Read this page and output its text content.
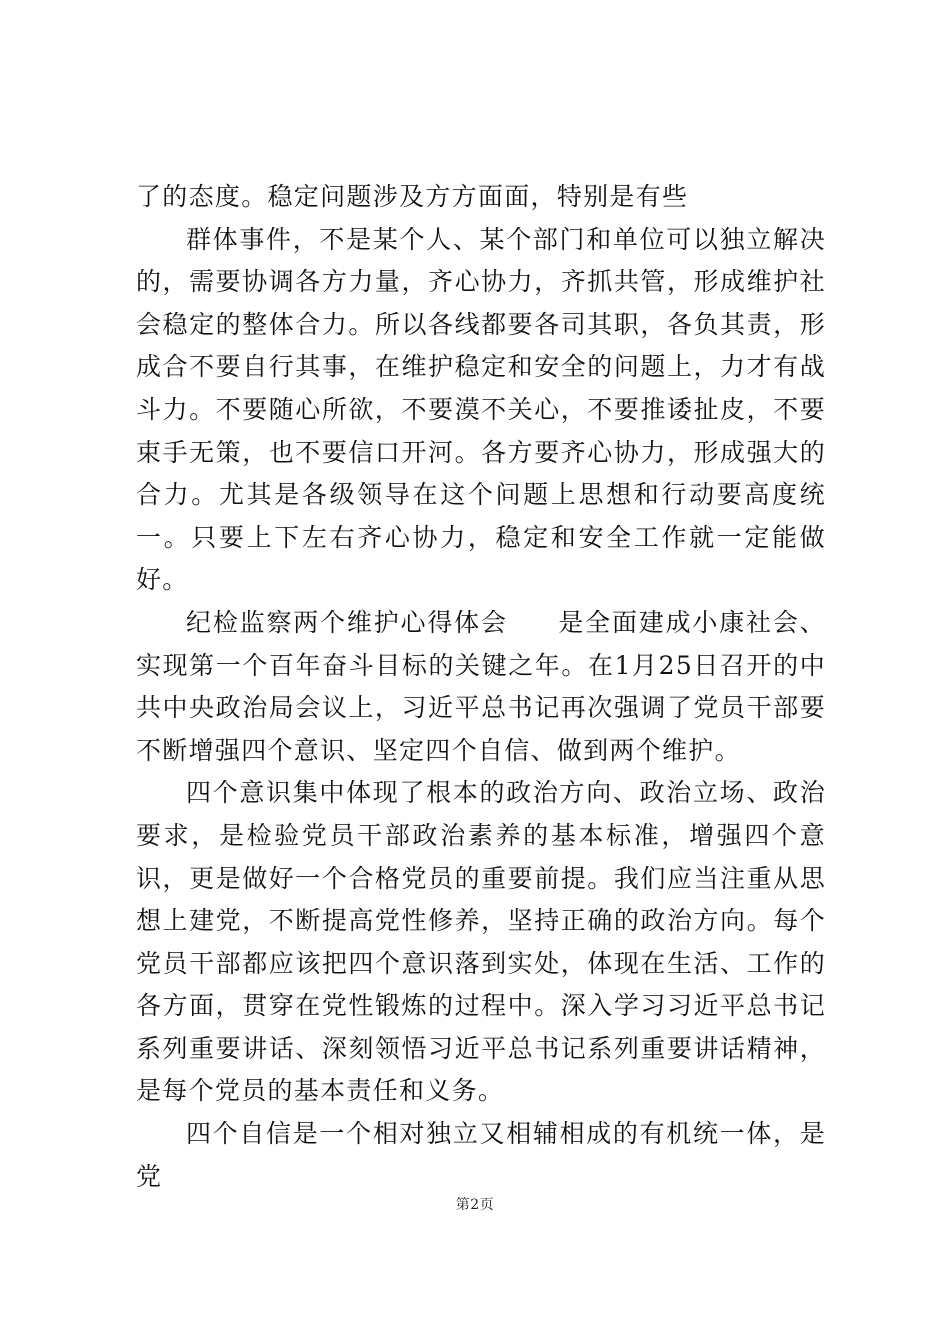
了的态度。稳定问题涉及方方面面，特别是有些

群体事件，不是某个人、某个部门和单位可以独立解决的，需要协调各方力量，齐心协力，齐抓共管，形成维护社会稳定的整体合力。所以各线都要各司其职，各负其责，形成合不要自行其事，在维护稳定和安全的问题上，力才有战斗力。不要随心所欲，不要漠不关心，不要推诿扯皮，不要束手无策，也不要信口开河。各方要齐心协力，形成强大的合力。尤其是各级领导在这个问题上思想和行动要高度统一。只要上下左右齐心协力，稳定和安全工作就一定能做好。

纪检监察两个维护心得体会 是全面建成小康社会、实现第一个百年奋斗目标的关键之年。在1月25日召开的中共中央政治局会议上，习近平总书记再次强调了党员干部要不断增强四个意识、坚定四个自信、做到两个维护。

四个意识集中体现了根本的政治方向、政治立场、政治要求，是检验党员干部政治素养的基本标准，增强四个意识，更是做好一个合格党员的重要前提。我们应当注重从思想上建党，不断提高党性修养，坚持正确的政治方向。每个党员干部都应该把四个意识落到实处，体现在生活、工作的各方面，贯穿在党性锻炼的过程中。深入学习习近平总书记系列重要讲话、深刻领悟习近平总书记系列重要讲话精神，是每个党员的基本责任和义务。

四个自信是一个相对独立又相辅相成的有机统一体，是党

第2页
